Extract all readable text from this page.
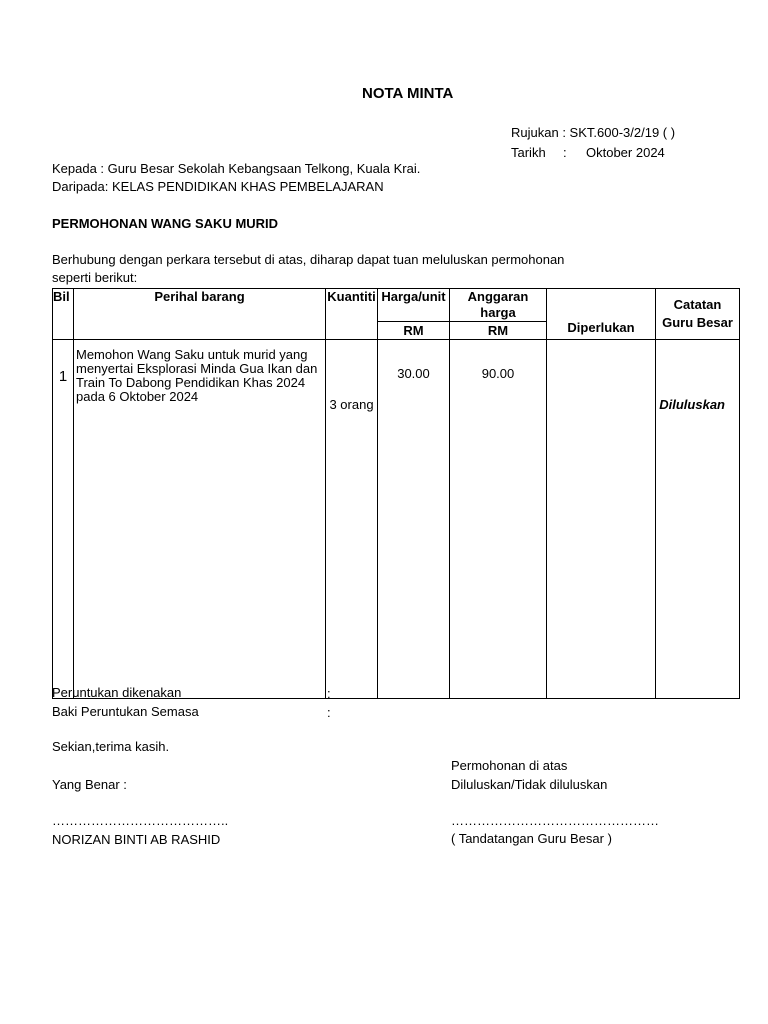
NOTA MINTA
Rujukan : SKT.600-3/2/19 ( )
Tarikh : Oktober 2024
Kepada : Guru Besar Sekolah Kebangsaan Telkong, Kuala Krai.
Daripada: KELAS PENDIDIKAN KHAS PEMBELAJARAN
PERMOHONAN WANG SAKU MURID
Berhubung dengan perkara tersebut di atas, diharap dapat tuan meluluskan permohonan
seperti berikut:
Bil	Perihal barang	Kuantiti	Harga/unit	Anggaran harga	Diperlukan	Catatan
Guru Besar

			RM	RM		
1	Memohon Wang Saku untuk murid yang
menyertai Eksplorasi Minda Gua Ikan dan
Train To Dabong Pendidikan Khas 2024
pada 6 Oktober 2024	3 orang	30.00	90.00		Diluluskan
Peruntukan dikenakan	:
Baki Peruntukan Semasa	:
Sekian,terima kasih.
Permohonan di atas
Yang Benar :	Diluluskan/Tidak diluluskan
…………………………………..	…………………………………………
NORIZAN BINTI AB RASHID	( Tandatangan Guru Besar )
